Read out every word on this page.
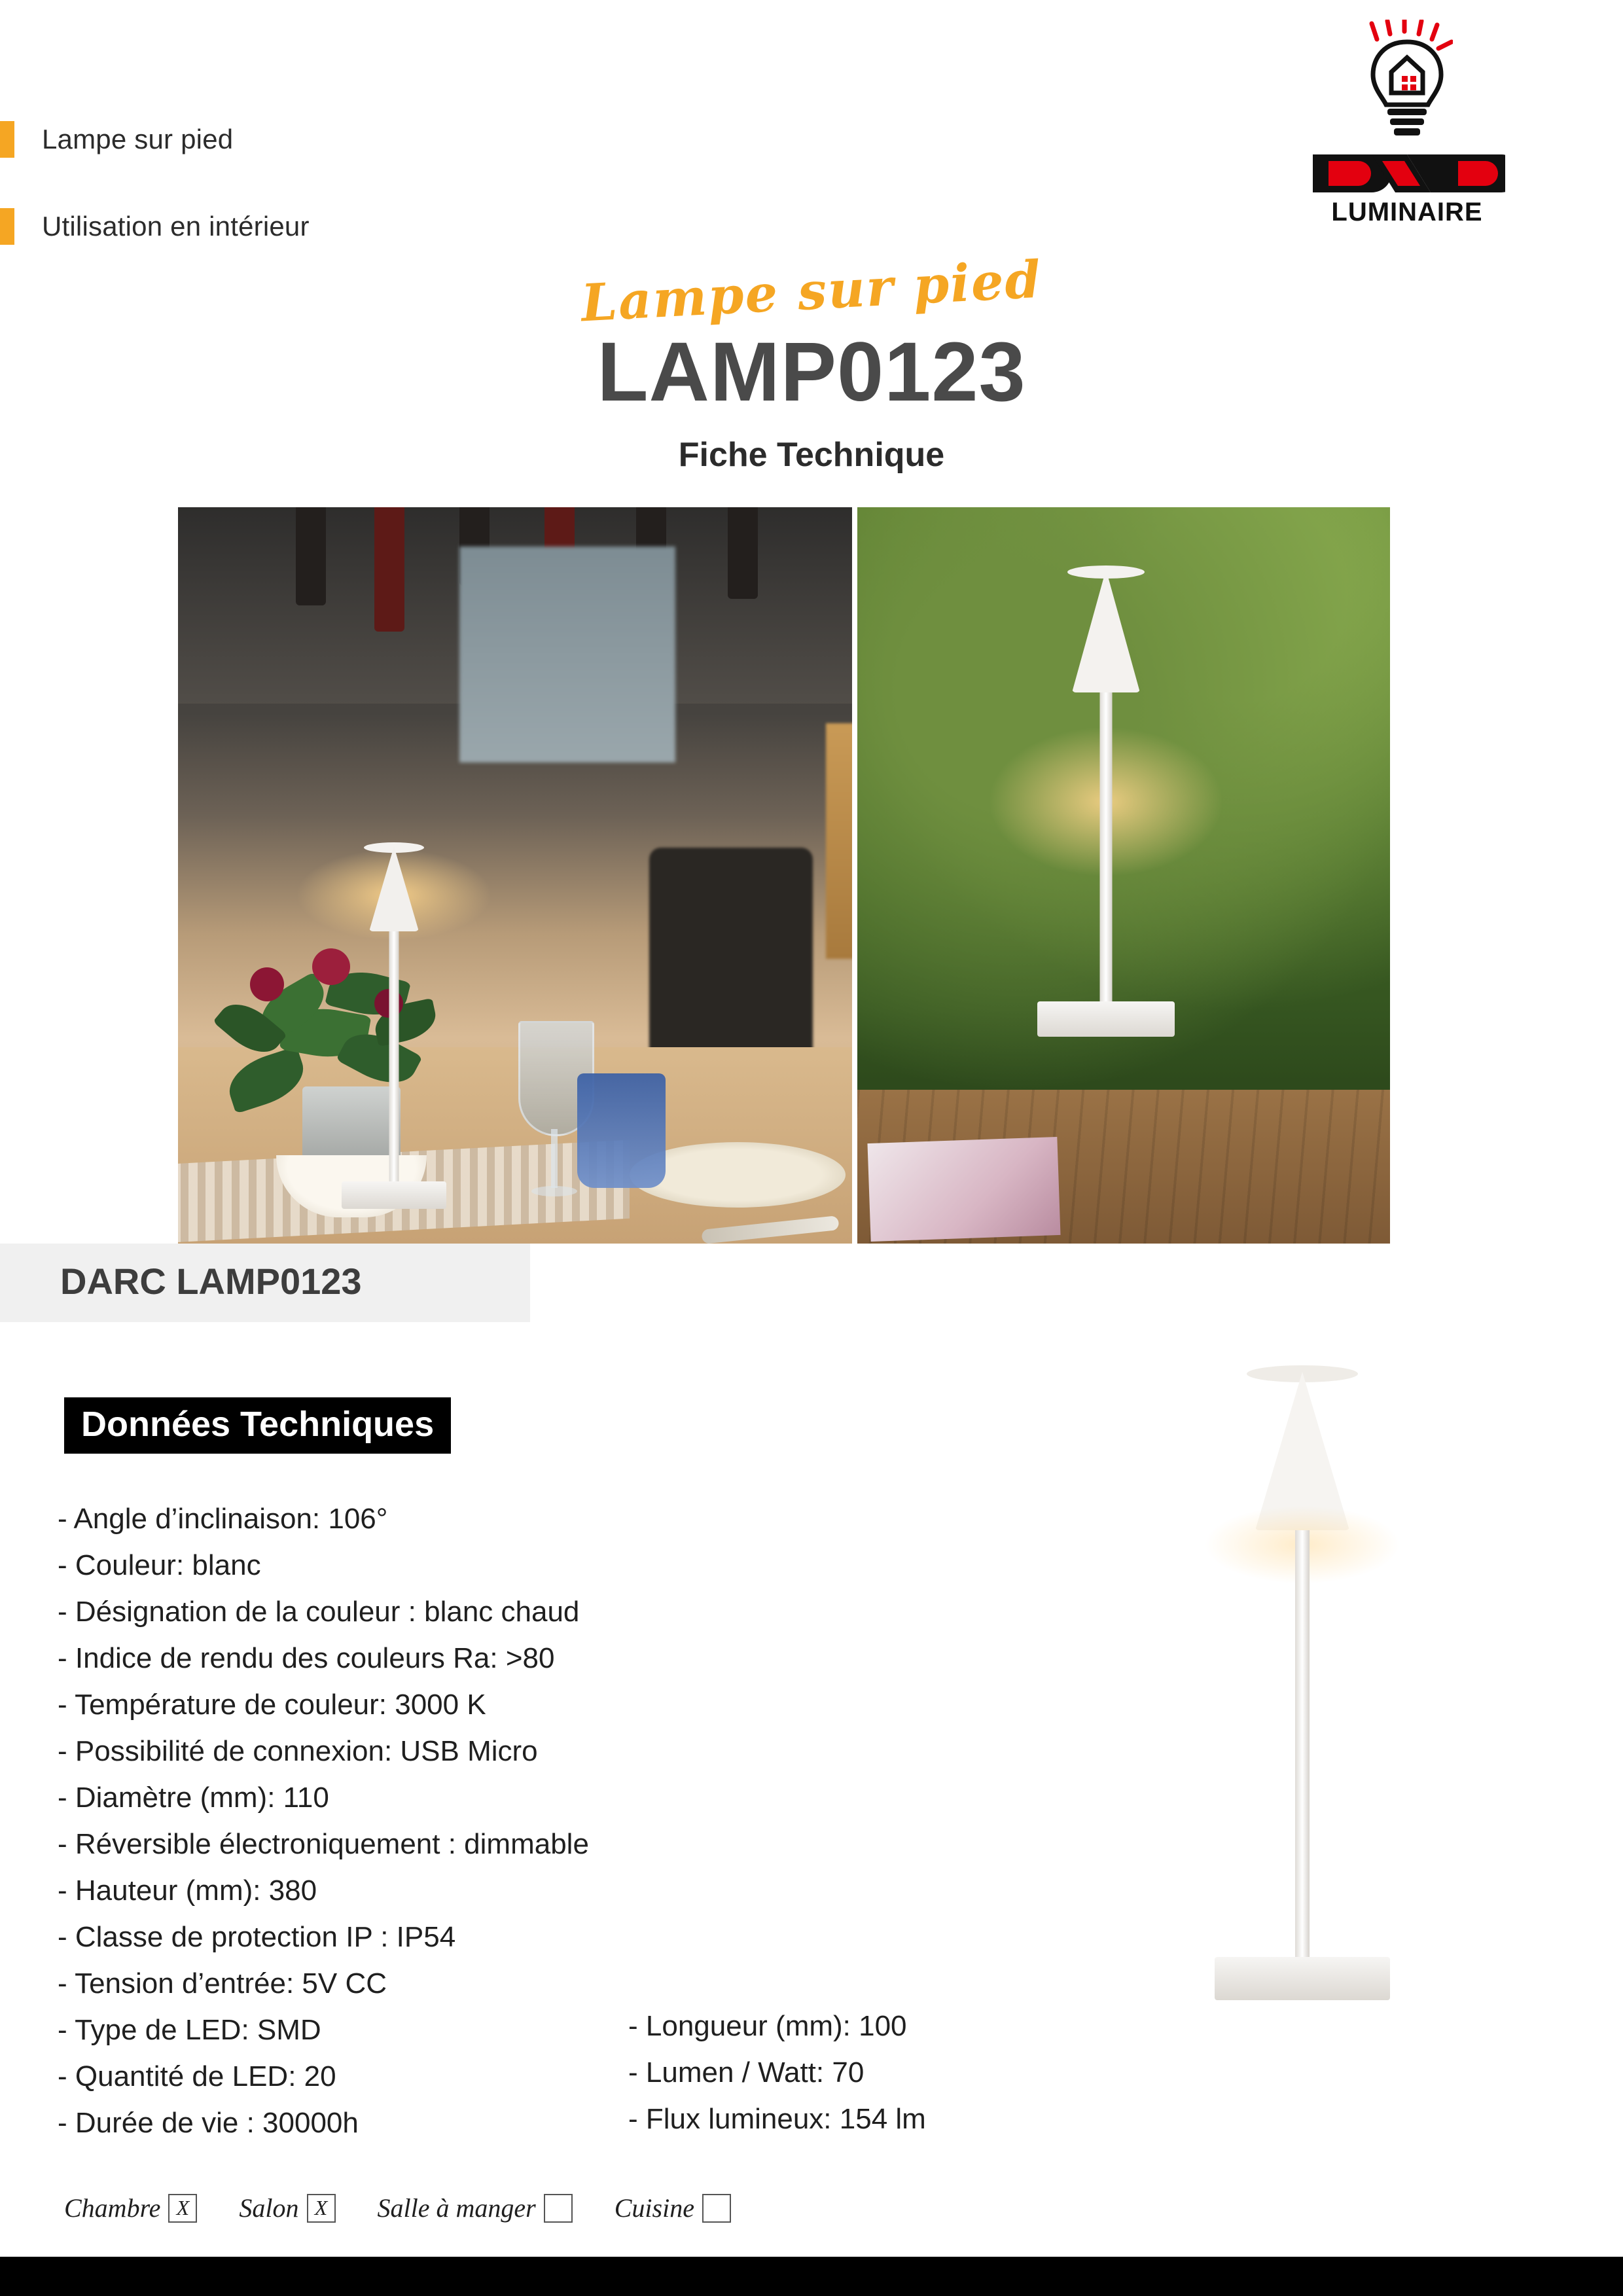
Lampe sur pied
Utilisation en intérieur	LUMINAIRE
Lampe sur pied
LAMP0123
Fiche Technique
DARC LAMP0123
Données Techniques
- Angle d’inclinaison: 106°
- Couleur: blanc
- Désignation de la couleur : blanc chaud
- Indice de rendu des couleurs Ra: >80
- Température de couleur: 3000 K
- Possibilité de connexion: USB Micro
- Diamètre (mm): 110
- Réversible électroniquement : dimmable
- Hauteur (mm): 380
- Classe de protection IP : IP54
- Tension d’entrée: 5V CC
- Type de LED: SMD
- Quantité de LED: 20
- Durée de vie : 30000h
- Longueur (mm): 100
- Lumen / Watt: 70
- Flux lumineux: 154 lm
Chambre X	Salon X	Salle à manger	Cuisine
